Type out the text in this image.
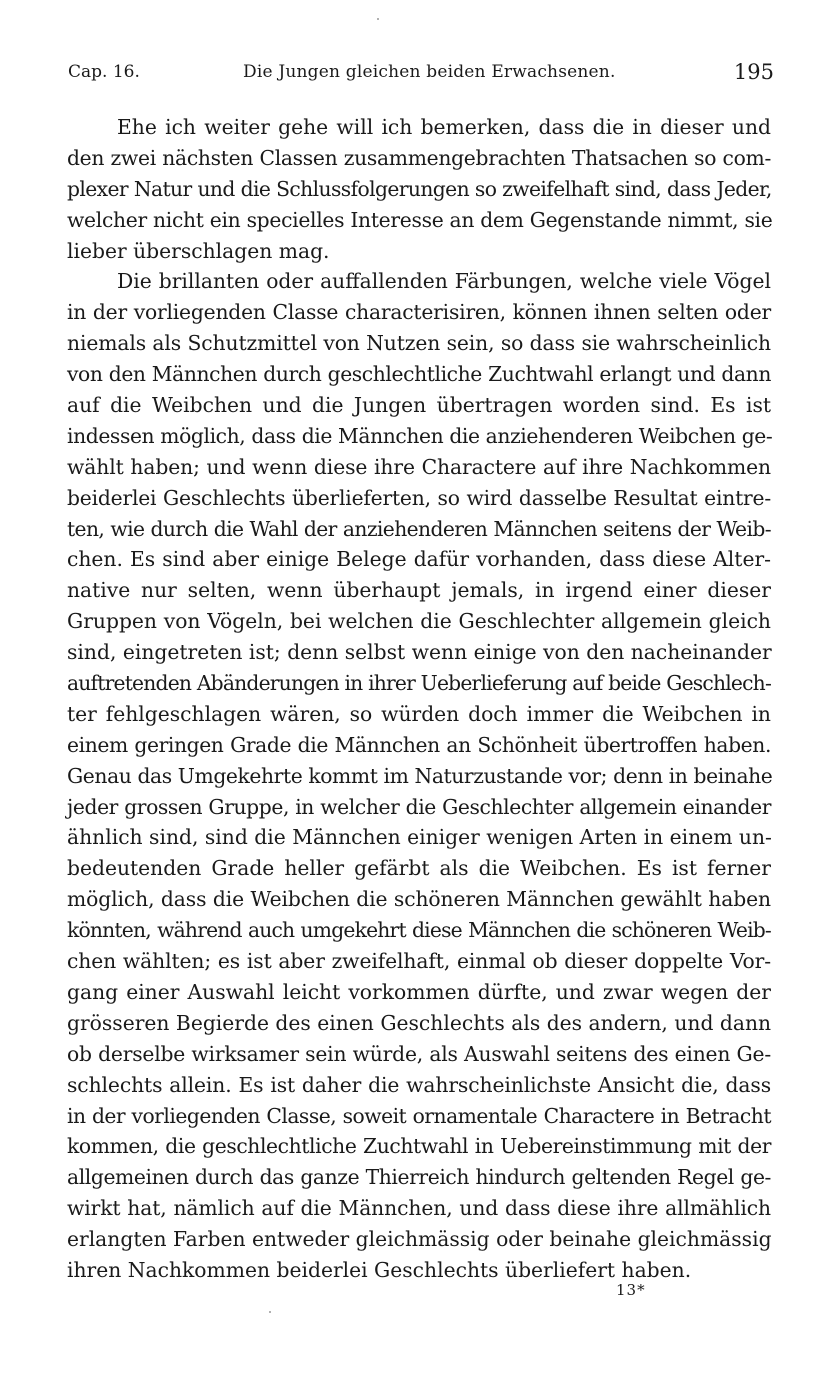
Cap. 16.	Die Jungen gleichen beiden Erwachsenen.	195
Ehe ich weiter gehe will ich bemerken, dass die in dieser und
den zwei nächsten Classen zusammengebrachten Thatsachen so com-
plexer Natur und die Schlussfolgerungen so zweifelhaft sind, dass Jeder,
welcher nicht ein specielles Interesse an dem Gegenstande nimmt, sie
lieber überschlagen mag.
Die brillanten oder auffallenden Färbungen, welche viele Vögel
in der vorliegenden Classe characterisiren, können ihnen selten oder
niemals als Schutzmittel von Nutzen sein, so dass sie wahrscheinlich
von den Männchen durch geschlechtliche Zuchtwahl erlangt und dann
auf die Weibchen und die Jungen übertragen worden sind. Es ist
indessen möglich, dass die Männchen die anziehenderen Weibchen ge-
wählt haben; und wenn diese ihre Charactere auf ihre Nachkommen
beiderlei Geschlechts überlieferten, so wird dasselbe Resultat eintre-
ten, wie durch die Wahl der anziehenderen Männchen seitens der Weib-
chen. Es sind aber einige Belege dafür vorhanden, dass diese Alter-
native nur selten, wenn überhaupt jemals, in irgend einer dieser
Gruppen von Vögeln, bei welchen die Geschlechter allgemein gleich
sind, eingetreten ist; denn selbst wenn einige von den nacheinander
auftretenden Abänderungen in ihrer Ueberlieferung auf beide Geschlech-
ter fehlgeschlagen wären, so würden doch immer die Weibchen in
einem geringen Grade die Männchen an Schönheit übertroffen haben.
Genau das Umgekehrte kommt im Naturzustande vor; denn in beinahe
jeder grossen Gruppe, in welcher die Geschlechter allgemein einander
ähnlich sind, sind die Männchen einiger wenigen Arten in einem un-
bedeutenden Grade heller gefärbt als die Weibchen. Es ist ferner
möglich, dass die Weibchen die schöneren Männchen gewählt haben
könnten, während auch umgekehrt diese Männchen die schöneren Weib-
chen wählten; es ist aber zweifelhaft, einmal ob dieser doppelte Vor-
gang einer Auswahl leicht vorkommen dürfte, und zwar wegen der
grösseren Begierde des einen Geschlechts als des andern, und dann
ob derselbe wirksamer sein würde, als Auswahl seitens des einen Ge-
schlechts allein. Es ist daher die wahrscheinlichste Ansicht die, dass
in der vorliegenden Classe, soweit ornamentale Charactere in Betracht
kommen, die geschlechtliche Zuchtwahl in Uebereinstimmung mit der
allgemeinen durch das ganze Thierreich hindurch geltenden Regel ge-
wirkt hat, nämlich auf die Männchen, und dass diese ihre allmählich
erlangten Farben entweder gleichmässig oder beinahe gleichmässig
ihren Nachkommen beiderlei Geschlechts überliefert haben.
13*
